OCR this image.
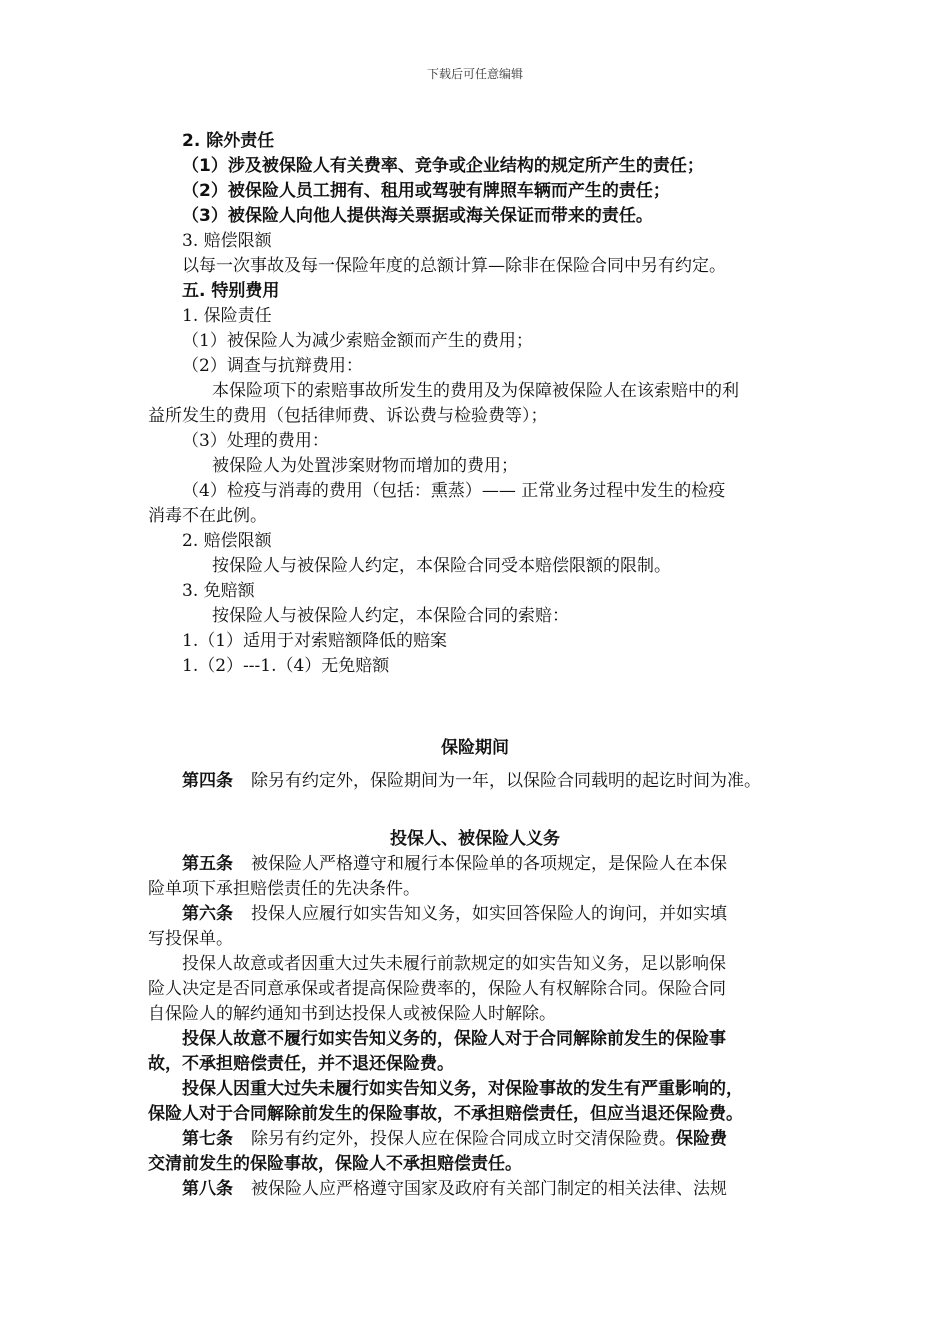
下载后可任意编辑
2. 除外责任
（1）涉及被保险人有关费率、竞争或企业结构的规定所产生的责任；
（2）被保险人员工拥有、租用或驾驶有牌照车辆而产生的责任；
（3）被保险人向他人提供海关票据或海关保证而带来的责任。
3. 赔偿限额
以每一次事故及每一保险年度的总额计算—除非在保险合同中另有约定。
五. 特别费用
1. 保险责任
（1）被保险人为减少索赔金额而产生的费用；
（2）调查与抗辩费用：
本保险项下的索赔事故所发生的费用及为保障被保险人在该索赔中的利
益所发生的费用（包括律师费、诉讼费与检验费等）；
（3）处理的费用：
被保险人为处置涉案财物而增加的费用；
（4）检疫与消毒的费用（包括：熏蒸）—— 正常业务过程中发生的检疫
消毒不在此例。
2. 赔偿限额
按保险人与被保险人约定，本保险合同受本赔偿限额的限制。
3. 免赔额
按保险人与被保险人约定，本保险合同的索赔：
1.（1）适用于对索赔额降低的赔案
1.（2）---1.（4）无免赔额
保险期间
第四条 除另有约定外，保险期间为一年，以保险合同载明的起讫时间为准。
投保人、被保险人义务
第五条 被保险人严格遵守和履行本保险单的各项规定，是保险人在本保
险单项下承担赔偿责任的先决条件。
第六条 投保人应履行如实告知义务，如实回答保险人的询问，并如实填
写投保单。
投保人故意或者因重大过失未履行前款规定的如实告知义务，足以影响保
险人决定是否同意承保或者提高保险费率的，保险人有权解除合同。保险合同
自保险人的解约通知书到达投保人或被保险人时解除。
投保人故意不履行如实告知义务的，保险人对于合同解除前发生的保险事
故，不承担赔偿责任，并不退还保险费。
投保人因重大过失未履行如实告知义务，对保险事故的发生有严重影响的，
保险人对于合同解除前发生的保险事故，不承担赔偿责任，但应当退还保险费。
第七条 除另有约定外，投保人应在保险合同成立时交清保险费。保险费
交清前发生的保险事故，保险人不承担赔偿责任。
第八条 被保险人应严格遵守国家及政府有关部门制定的相关法律、法规
